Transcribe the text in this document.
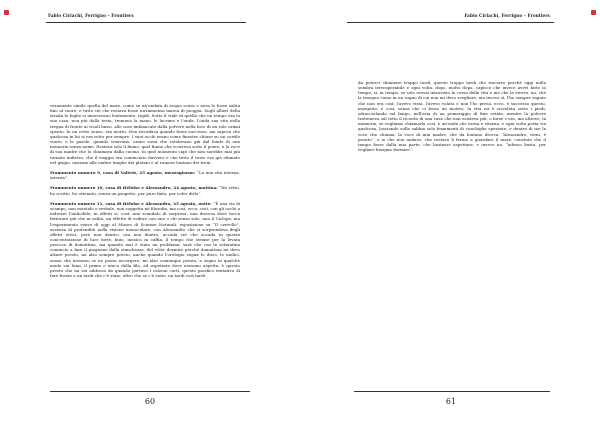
Fabio Ciriachi, Ferrigno – Frontiers

veramente simile quella del mare, come se un'ondata di acqua scura e nera le fosse salita fino al cuore, e tutto ciò che restava fosse un'immensa marea di pioggia. Sugli alberi della strada le foglie si muovevano lentamente, rigidi. Sotto il viale di quella che un tempo era la sua casa, non più dalla testa, tremava la mano, le lacrime e l'onda, l'onda sua vita nella tregua di fronte ai vicoli bassi, alle case imbiancate dalla polvere nella luce di un sole ormai spento. In un certo senso, era morto. Non ricordava quando fosse successo, ma sapeva che qualcosa in lui si era rotto per sempre. I suoi occhi erano come finestre chiuse su un cortile vuoto, e le parole, quando venivano, erano sassi che rotolavano giù dal fondo di una memoria senza nome. Restava solo il fiume, quel fiume che scorreva sotto il ponte, e la voce di sua madre che lo chiamava dalla cucina. In quel momento capì che non sarebbe mai più tornato indietro, che il viaggio era cominciato davvero e che tutto il resto era già sfumato nel grigio, insieme alle ombre lunghe dei platani e al rumore lontano dei treni.

Frammento numero 9, casa di Valérie, 25 agosto, mezzogiorno: “La mia vita interna, interna”.

Frammento numero 10, casa di Héloïse e Alessandro, 24 agosto, mattina: “Ho retto, ho scritto, ho ottenuto, senza un progetto, per puro fiato, per voler dirlo”.

Frammento numero 11, casa di Héloïse e Alessandro, 25 agosto, notte: “È una via di scampo, non mentale o verbale, non soggetta né filosofia, ma così, ecco, così, con gli occhi a indicare l'indicibile; in effetti sì, così, uno scandalo di sorpresa, una discesa dove tocca fatturare più che in salita, un effetto di vedere con uno o chi senza solo, non il Ciclope, ma l'esperimento visivo di oggi al Museo di Scienze Naturali, esposizione su “Il cervello”, assenza di profondità nella visione monoculare, con Alessandro che si sorprendeva degli effetti ottici, però non dentro, ora non dentro, accada ciò che accada in questa concentrazione di luce forte, buio, musica in cuffia, il tempo che strinse per la levata precoce di domattina, ma quando mai è stato un problema, sarà che con la settantina comincio a fare il piagnone dalla stanchezza, del voler dormire perché domattina mi devo alzare presto, mi alzo sempre presto, anche quando l'orologio segna le dieci, le undici, senza che nessuno se ne possa accorgere, mi alzo comunque presto, a segno in qualche modo sui lumi, il primo e unico della fila, ad aspettare dove nessuno aspetta, è questo presto che mi sta addosso da quando portavo i calzoni corti, questo pacifico tentativo di fare fronte a un tardi che c'è stato, altro che se c'è stato, un tardi così tardi

60
Fabio Ciriachi, Ferrigno – Frontiers

da poterci chiamare troppo tardi, questo troppo tardi che rincorro perché oggi nulla sembra irrecuperabile e ogni volta, dopo, molto dopo, capisco che invece avevi fatto in tempo, sì, in tempo, se solo avessi intravisto la corsa della vita e me che la vivevo, no, che la inseguo come in un sogno di cui non mi devo svegliare; ma invece sì, l'ho sempre saputo che non era così; l'avevo vista, l'avevo voluta e non l'ho presa, ecco, è successo questo, inseguito, e così, senza che ci fosse un motivo, la vita mi è scivolata sotto i piedi, sdrucciolando sul fango, nell'aria di un pomeriggio di fine estate, mentre la polvere tratteneva sul tetto il ricordo di una casa che non esisteva più, o forse c'era, ma altrove; la memoria, se vogliamo chiamarla così, è un'onda che torna e ritorna, e ogni volta porta via qualcosa, lasciando sulla sabbia solo frammenti di conchiglie spezzate, e dentro di me la voce che chiama, la voce di mia madre, che da lontano diceva: “Alessandro, vieni, è pronto”, e io che non andavo, che restavo lì fermo a guardare il mare, convinto che il tempo fosse dalla mia parte, che bastasse aspettare; e invece no, “adesso basta, per vegliare bisogna dormire”.

61
